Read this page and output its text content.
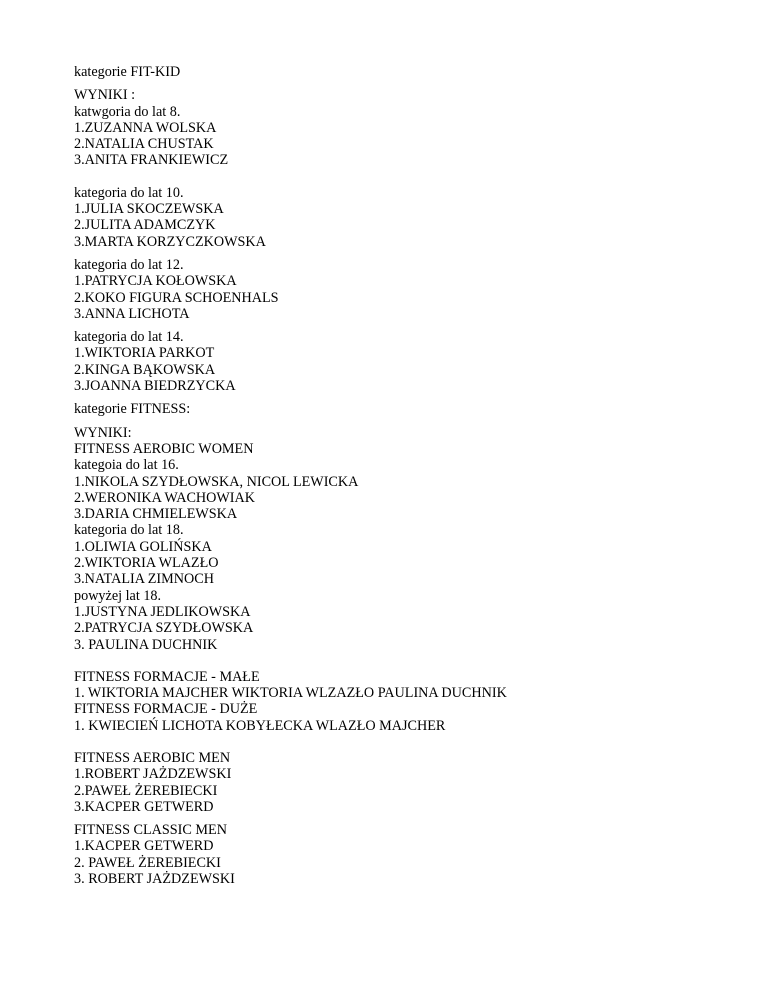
kategorie FIT-KID
WYNIKI :
katwgoria do lat 8.
1.ZUZANNA WOLSKA
2.NATALIA CHUSTAK
3.ANITA FRANKIEWICZ
kategoria do lat 10.
1.JULIA SKOCZEWSKA
2.JULITA ADAMCZYK
3.MARTA KORZYCZKOWSKA
kategoria do lat 12.
1.PATRYCJA KOŁOWSKA
2.KOKO FIGURA SCHOENHALS
3.ANNA LICHOTA
kategoria do lat 14.
1.WIKTORIA PARKOT
2.KINGA BĄKOWSKA
3.JOANNA BIEDRZYCKA
kategorie FITNESS:
WYNIKI:
FITNESS AEROBIC WOMEN
kategoia do lat 16.
1.NIKOLA SZYDŁOWSKA, NICOL LEWICKA
2.WERONIKA WACHOWIAK
3.DARIA CHMIELEWSKA
kategoria do lat 18.
1.OLIWIA GOLIŃSKA
2.WIKTORIA WLAZŁO
3.NATALIA ZIMNOCH
powyżej lat 18.
1.JUSTYNA JEDLIKOWSKA
2.PATRYCJA SZYDŁOWSKA
3. PAULINA DUCHNIK
FITNESS FORMACJE - MAŁE
1. WIKTORIA MAJCHER WIKTORIA WLZAZŁO PAULINA DUCHNIK
FITNESS FORMACJE - DUŻE
1. KWIECIEŃ LICHOTA KOBYŁECKA WLAZŁO MAJCHER
FITNESS AEROBIC MEN
1.ROBERT JAŻDZEWSKI
2.PAWEŁ ŻEREBIECKI
3.KACPER GETWERD
FITNESS CLASSIC MEN
1.KACPER GETWERD
2. PAWEŁ ŻEREBIECKI
3. ROBERT JAŻDZEWSKI
